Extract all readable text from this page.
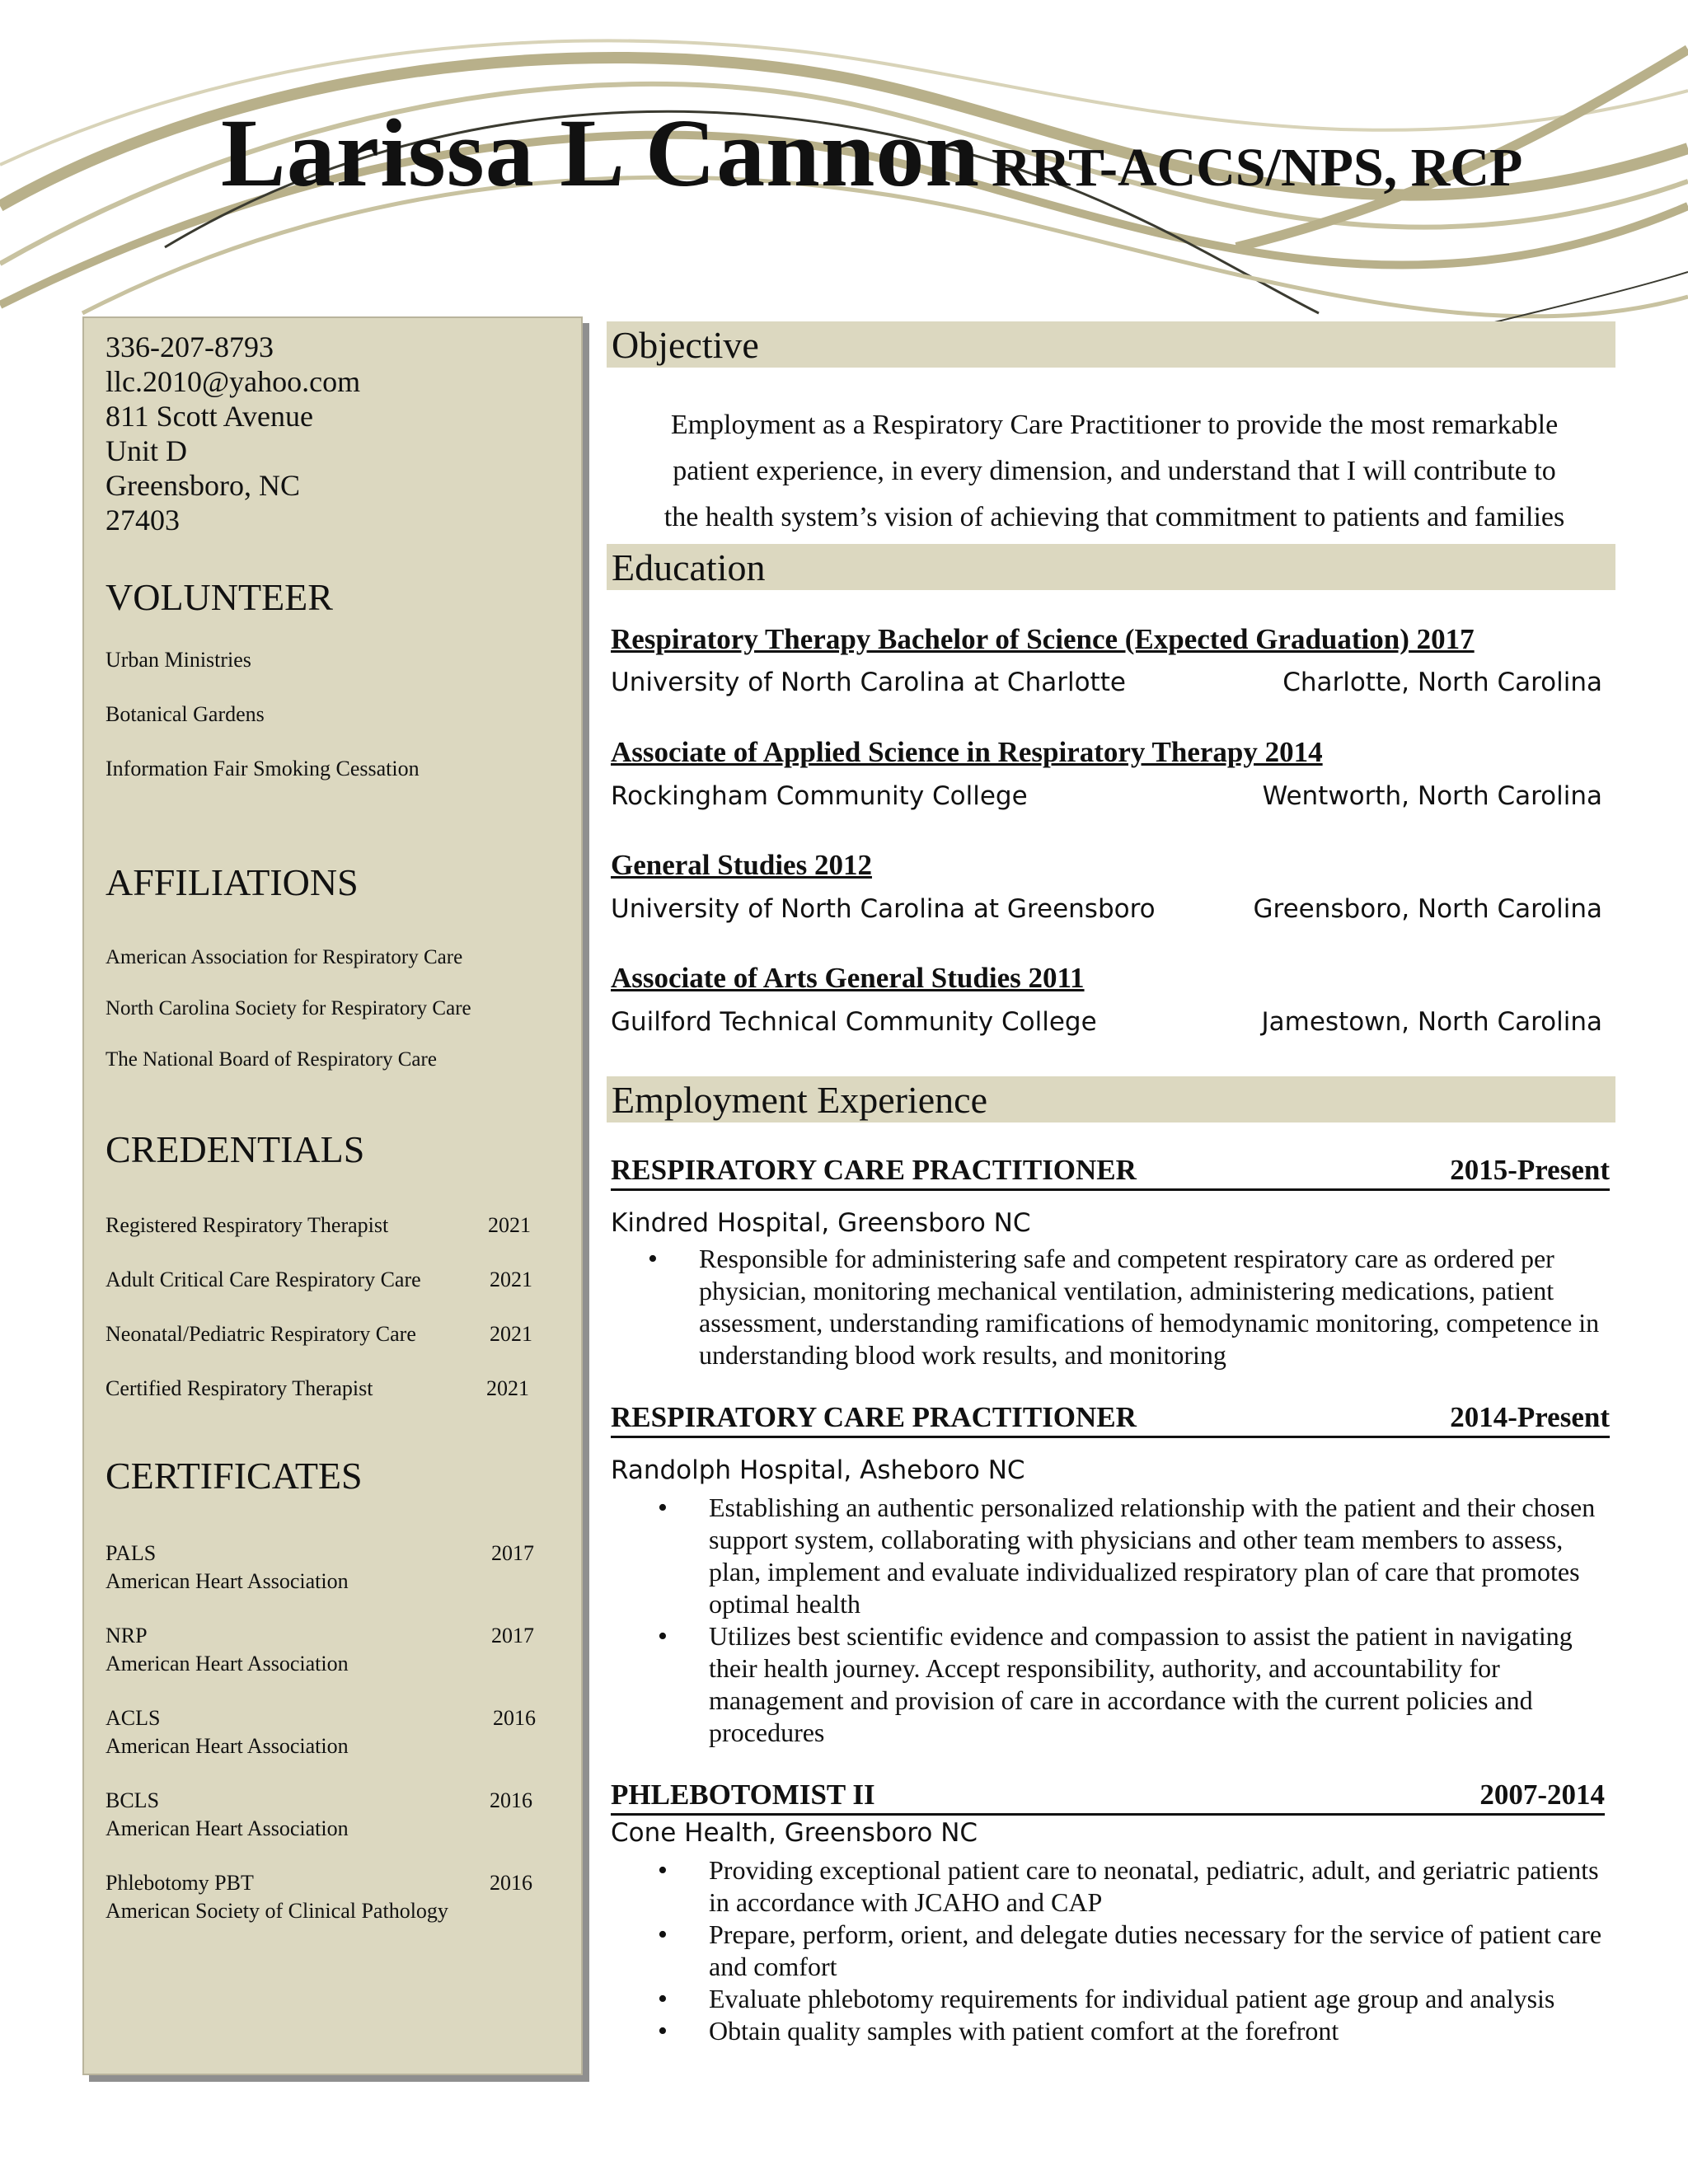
Larissa L Cannon RRT-ACCS/NPS, RCP
336-207-8793
llc.2010@yahoo.com
811 Scott Avenue
Unit D
Greensboro, NC
27403
VOLUNTEER
Urban Ministries
Botanical Gardens
Information Fair Smoking Cessation
AFFILIATIONS
American Association for Respiratory Care
North Carolina Society for Respiratory Care
The National Board of Respiratory Care
CREDENTIALS
Registered Respiratory Therapist	2021
Adult Critical Care Respiratory Care	2021
Neonatal/Pediatric Respiratory Care	2021
Certified Respiratory Therapist	2021
CERTIFICATES
PALS	2017
American Heart Association
NRP	2017
American Heart Association
ACLS	2016
American Heart Association
BCLS	2016
American Heart Association
Phlebotomy PBT	2016
American Society of Clinical Pathology
Objective
Employment as a Respiratory Care Practitioner to provide the most remarkable
patient experience, in every dimension, and understand that I will contribute to
the health system’s vision of achieving that commitment to patients and families
Education
Respiratory Therapy Bachelor of Science (Expected Graduation) 2017
University of North Carolina at Charlotte	Charlotte, North Carolina
Associate of Applied Science in Respiratory Therapy 2014
Rockingham Community College	Wentworth, North Carolina
General Studies 2012
University of North Carolina at Greensboro	Greensboro, North Carolina
Associate of Arts General Studies 2011
Guilford Technical Community College	Jamestown, North Carolina
Employment Experience
RESPIRATORY CARE PRACTITIONER	2015-Present
Kindred Hospital, Greensboro NC
• Responsible for administering safe and competent respiratory care as ordered per physician, monitoring mechanical ventilation, administering medications, patient assessment, understanding ramifications of hemodynamic monitoring, competence in understanding blood work results, and monitoring
RESPIRATORY CARE PRACTITIONER	2014-Present
Randolph Hospital, Asheboro NC
• Establishing an authentic personalized relationship with the patient and their chosen support system, collaborating with physicians and other team members to assess, plan, implement and evaluate individualized respiratory plan of care that promotes optimal health
• Utilizes best scientific evidence and compassion to assist the patient in navigating their health journey. Accept responsibility, authority, and accountability for management and provision of care in accordance with the current policies and procedures
PHLEBOTOMIST II	2007-2014
Cone Health, Greensboro NC
• Providing exceptional patient care to neonatal, pediatric, adult, and geriatric patients in accordance with JCAHO and CAP
• Prepare, perform, orient, and delegate duties necessary for the service of patient care and comfort
• Evaluate phlebotomy requirements for individual patient age group and analysis
• Obtain quality samples with patient comfort at the forefront
